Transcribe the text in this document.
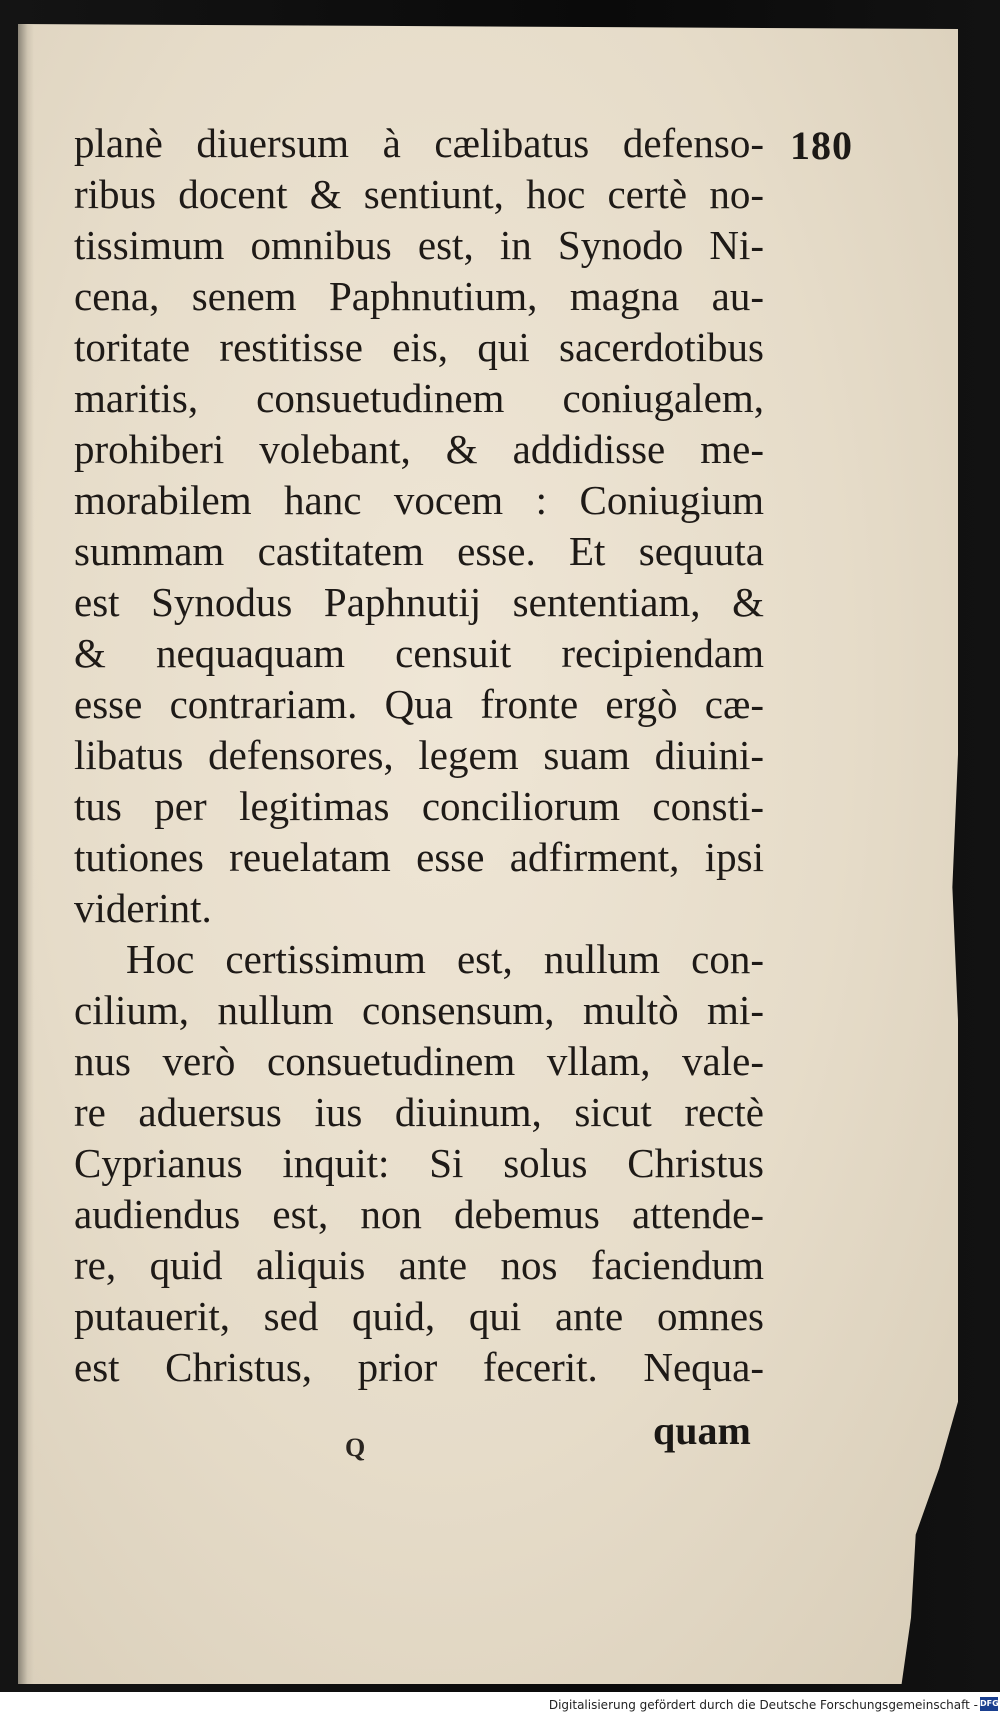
180
planè diuersum à cælibatus defenso-
ribus docent & sentiunt, hoc certè no-
tissimum omnibus est, in Synodo Ni-
cena, senem Paphnutium, magna au-
toritate restitisse eis, qui sacerdotibus
maritis, consuetudinem coniugalem,
prohiberi volebant, & addidisse me-
morabilem hanc vocem : Coniugium
summam castitatem esse. Et sequuta
est Synodus Paphnutij sententiam, &
& nequaquam censuit recipiendam
esse contrariam. Qua fronte ergò cæ-
libatus defensores, legem suam diuini-
tus per legitimas conciliorum consti-
tutiones reuelatam esse adfirment, ipsi
viderint.
Hoc certissimum est, nullum con-
cilium, nullum consensum, multò mi-
nus verò consuetudinem vllam, vale-
re aduersus ius diuinum, sicut rectè
Cyprianus inquit: Si solus Christus
audiendus est, non debemus attende-
re, quid aliquis ante nos faciendum
putauerit, sed quid, qui ante omnes
est Christus, prior fecerit. Nequa-
Q	quam
Digitalisierung gefördert durch die Deutsche Forschungsgemeinschaft - DFG
